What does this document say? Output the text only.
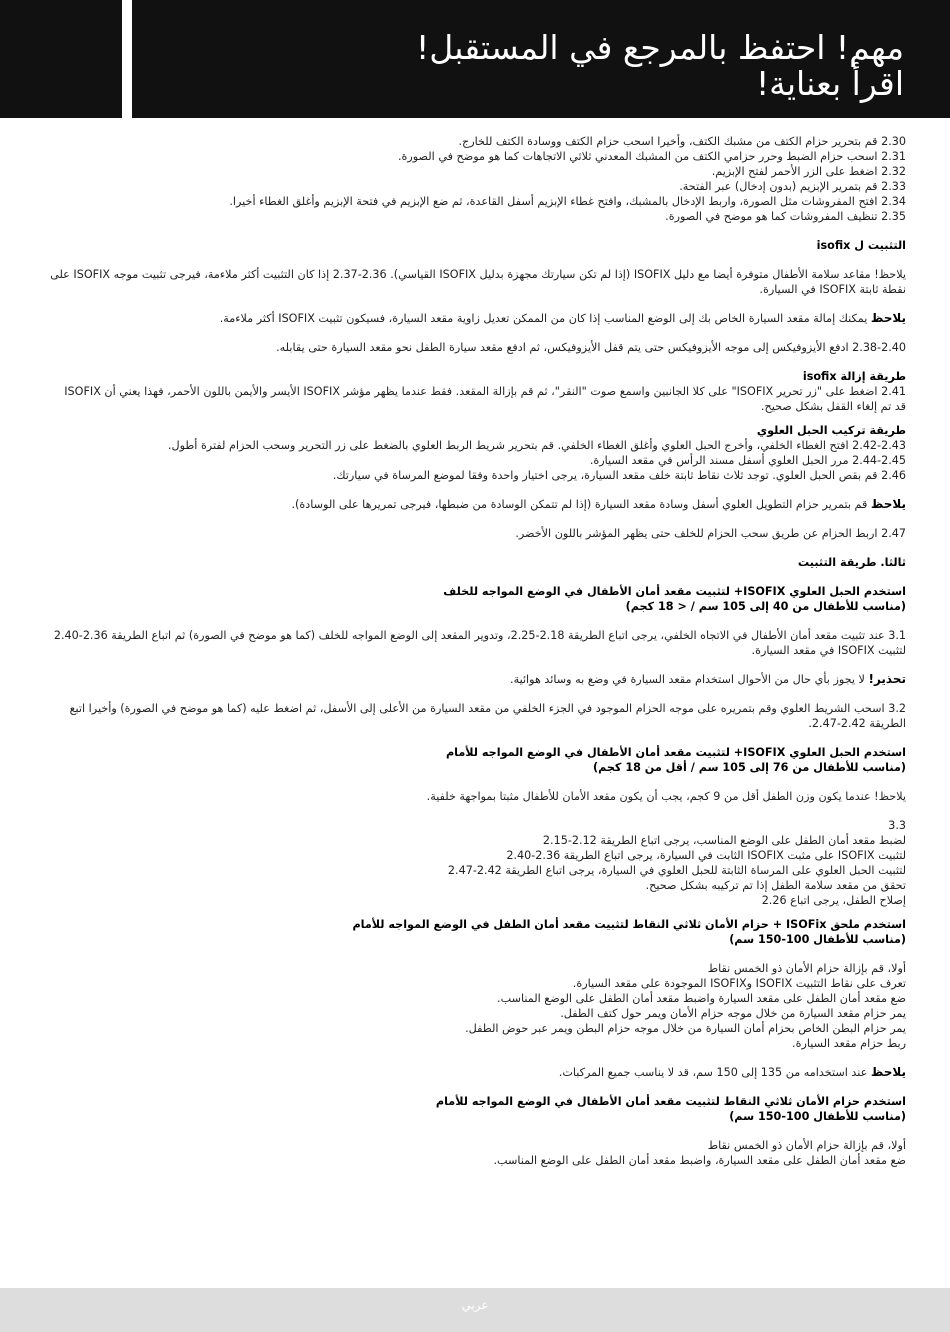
مهم! احتفظ بالمرجع في المستقبل!
اقرأ بعناية!

2.30 قم بتحرير حزام الكتف من مشبك الكتف، وأخيرا اسحب حزام الكتف ووسادة الكتف للخارج.

2.31 اسحب حزام الضبط وحرر حزامي الكتف من المشبك المعدني ثلاثي الاتجاهات كما هو موضح في الصورة.

2.32 اضغط على الزر الأحمر لفتح الإبزيم.

2.33 قم بتمرير الإبزيم (بدون إدخال) عبر الفتحة.

2.34 افتح المفروشات مثل الصورة، واربط الإدخال بالمشبك، وافتح غطاء الإبزيم أسفل القاعدة، ثم ضع الإبزيم في فتحة الإبزيم وأغلق الغطاء أخيرا.

2.35 تنظيف المفروشات كما هو موضح في الصورة.

التثبيت ل isofix

يلاحظ! مقاعد سلامة الأطفال متوفرة أيضا مع دليل ISOFIX (إذا لم تكن سيارتك مجهزة بدليل ISOFIX القياسي). 2.36-2.37 إذا كان التثبيت أكثر ملاءمة، فيرجى تثبيت موجه ISOFIX على نقطة ثابتة ISOFIX في السيارة.

يلاحظ يمكنك إمالة مقعد السيارة الخاص بك إلى الوضع المناسب إذا كان من الممكن تعديل زاوية مقعد السيارة، فسيكون تثبيت ISOFIX أكثر ملاءمة.

2.38-2.40 ادفع الأيزوفيكس إلى موجه الأيزوفيكس حتى يتم قفل الأيزوفيكس، ثم ادفع مقعد سيارة الطفل نحو مقعد السيارة حتى يقابله.

طريقة إزالة isofix

2.41 اضغط على "زر تحرير ISOFIX" على كلا الجانبين واسمع صوت "النقر"، ثم قم بإزالة المقعد. فقط عندما يظهر مؤشر ISOFIX الأيسر والأيمن باللون الأحمر، فهذا يعني أن ISOFIX قد تم إلغاء القفل بشكل صحيح.

طريقة تركيب الحبل العلوي

2.42-2.43 افتح الغطاء الخلفي، وأخرج الحبل العلوي وأغلق الغطاء الخلفي. قم بتحرير شريط الربط العلوي بالضغط على زر التحرير وسحب الحزام لفترة أطول.

2.44-2.45 مرر الحبل العلوي أسفل مسند الرأس في مقعد السيارة.

2.46 قم بقص الحبل العلوي. توجد ثلاث نقاط ثابتة خلف مقعد السيارة، يرجى اختيار واحدة وفقا لموضع المرساة في سيارتك.

يلاحظ قم بتمرير حزام التطويل العلوي أسفل وسادة مقعد السيارة (إذا لم تتمكن الوسادة من ضبطها، فيرجى تمريرها على الوسادة).

2.47 اربط الحزام عن طريق سحب الحزام للخلف حتى يظهر المؤشر باللون الأخضر.

ثالثا. طريقة التثبيت

استخدم الحبل العلوي ISOFIX+ لتثبيت مقعد أمان الأطفال في الوضع المواجه للخلف

(مناسب للأطفال من 40 إلى 105 سم / < 18 كجم)

3.1 عند تثبيت مقعد أمان الأطفال في الاتجاه الخلفي، يرجى اتباع الطريقة 2.18-2.25، وتدوير المقعد إلى الوضع المواجه للخلف (كما هو موضح في الصورة) ثم اتباع الطريقة 2.36-2.40 لتثبيت ISOFIX في مقعد السيارة.

تحذير! لا يجوز بأي حال من الأحوال استخدام مقعد السيارة في وضع به وسائد هوائية.

3.2 اسحب الشريط العلوي وقم بتمريره على موجه الحزام الموجود في الجزء الخلفي من مقعد السيارة من الأعلى إلى الأسفل، ثم اضغط عليه (كما هو موضح في الصورة) وأخيرا اتبع الطريقة 2.42-2.47.

استخدم الحبل العلوي ISOFIX+ لتثبيت مقعد أمان الأطفال في الوضع المواجه للأمام

(مناسب للأطفال من 76 إلى 105 سم / أقل من 18 كجم)

يلاحظ! عندما يكون وزن الطفل أقل من 9 كجم، يجب أن يكون مقعد الأمان للأطفال مثبتا بمواجهة خلفية.

3.3

لضبط مقعد أمان الطفل على الوضع المناسب، يرجى اتباع الطريقة 2.12-2.15

لتثبيت ISOFIX على مثبت ISOFIX الثابت في السيارة، يرجى اتباع الطريقة 2.36-2.40

لتثبيت الحبل العلوي على المرساة الثابتة للحبل العلوي في السيارة، يرجى اتباع الطريقة 2.42-2.47

تحقق من مقعد سلامة الطفل إذا تم تركيبه بشكل صحيح.

إصلاح الطفل، يرجى اتباع 2.26

استخدم ملحق ISOFix + حزام الأمان ثلاثي النقاط لتثبيت مقعد أمان الطفل في الوضع المواجه للأمام

(مناسب للأطفال 100-150 سم)

أولا، قم بإزالة حزام الأمان ذو الخمس نقاط

تعرف على نقاط التثبيت ISOFIX وISOFIX الموجودة على مقعد السيارة.

ضع مقعد أمان الطفل على مقعد السيارة واضبط مقعد أمان الطفل على الوضع المناسب.

يمر حزام مقعد السيارة من خلال موجه حزام الأمان ويمر حول كتف الطفل.

يمر حزام البطن الخاص بحزام أمان السيارة من خلال موجه حزام البطن ويمر عبر حوض الطفل.

ربط حزام مقعد السيارة.

يلاحظ عند استخدامه من 135 إلى 150 سم، قد لا يناسب جميع المركبات.

استخدم حزام الأمان ثلاثي النقاط لتثبيت مقعد أمان الأطفال في الوضع المواجه للأمام

(مناسب للأطفال 100-150 سم)

أولا، قم بإزالة حزام الأمان ذو الخمس نقاط

ضع مقعد أمان الطفل على مقعد السيارة، واضبط مقعد أمان الطفل على الوضع المناسب.

عربي
